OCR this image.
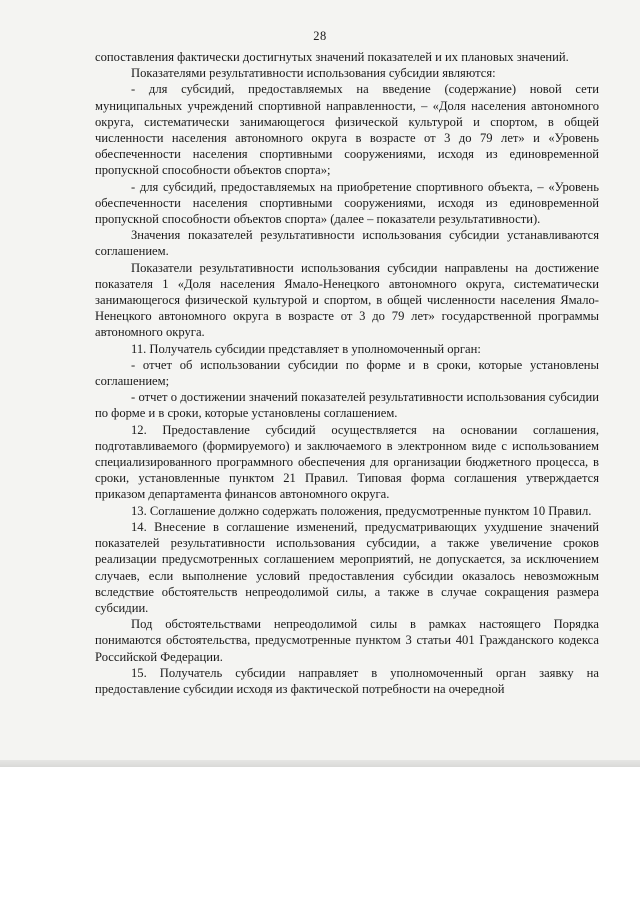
28

сопоставления фактически достигнутых значений показателей и их плановых значений.

Показателями результативности использования субсидии являются:

- для субсидий, предоставляемых на введение (содержание) новой сети муниципальных учреждений спортивной направленности, – «Доля населения автономного округа, систематически занимающегося физической культурой и спортом, в общей численности населения автономного округа в возрасте от 3 до 79 лет» и «Уровень обеспеченности населения спортивными сооружениями, исходя из единовременной пропускной способности объектов спорта»;

- для субсидий, предоставляемых на приобретение спортивного объекта, – «Уровень обеспеченности населения спортивными сооружениями, исходя из единовременной пропускной способности объектов спорта» (далее – показатели результативности).

Значения показателей результативности использования субсидии устанавливаются соглашением.

Показатели результативности использования субсидии направлены на достижение показателя 1 «Доля населения Ямало-Ненецкого автономного округа, систематически занимающегося физической культурой и спортом, в общей численности населения Ямало-Ненецкого автономного округа в возрасте от 3 до 79 лет» государственной программы автономного округа.

11. Получатель субсидии представляет в уполномоченный орган:

- отчет об использовании субсидии по форме и в сроки, которые установлены соглашением;

- отчет о достижении значений показателей результативности использования субсидии по форме и в сроки, которые установлены соглашением.

12. Предоставление субсидий осуществляется на основании соглашения, подготавливаемого (формируемого) и заключаемого в электронном виде с использованием специализированного программного обеспечения для организации бюджетного процесса, в сроки, установленные пунктом 21 Правил. Типовая форма соглашения утверждается приказом департамента финансов автономного округа.

13. Соглашение должно содержать положения, предусмотренные пунктом 10 Правил.

14. Внесение в соглашение изменений, предусматривающих ухудшение значений показателей результативности использования субсидии, а также увеличение сроков реализации предусмотренных соглашением мероприятий, не допускается, за исключением случаев, если выполнение условий предоставления субсидии оказалось невозможным вследствие обстоятельств непреодолимой силы, а также в случае сокращения размера субсидии.

Под обстоятельствами непреодолимой силы в рамках настоящего Порядка понимаются обстоятельства, предусмотренные пунктом 3 статьи 401 Гражданского кодекса Российской Федерации.

15. Получатель субсидии направляет в уполномоченный орган заявку на предоставление субсидии исходя из фактической потребности на очередной
